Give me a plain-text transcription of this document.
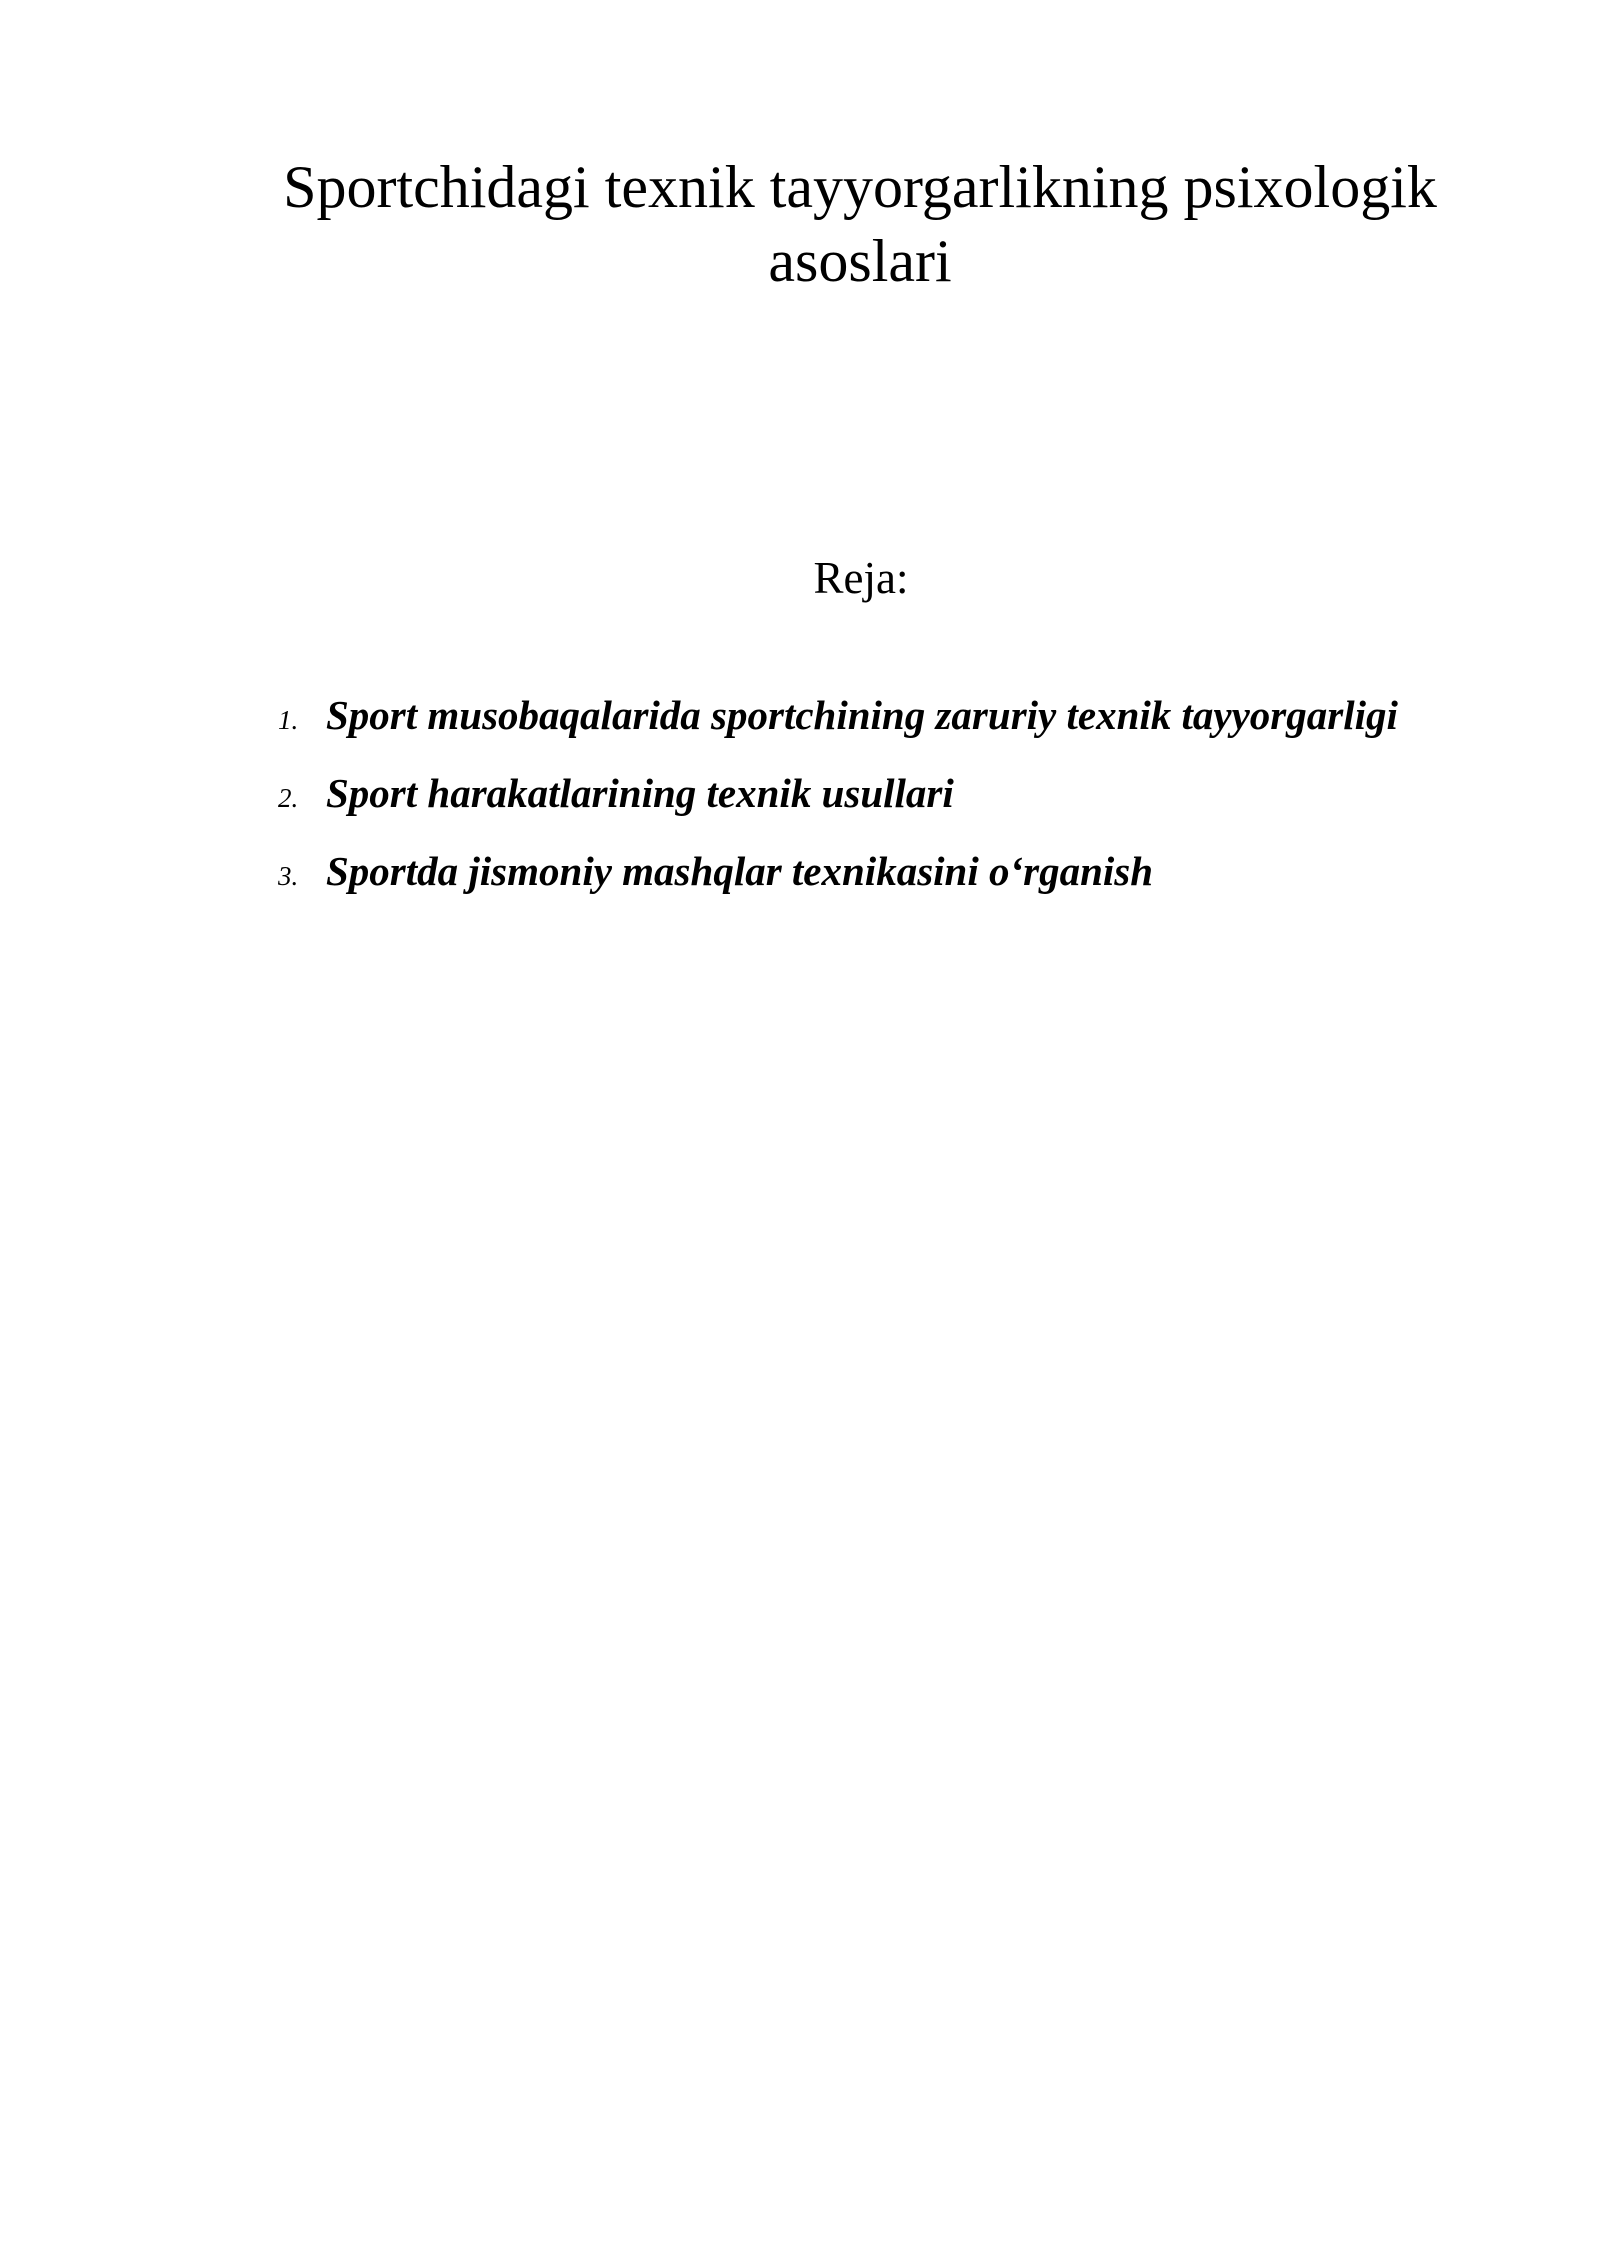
Sportchidagi texnik tayyorgarlikning psixologik asoslari
Reja:
1. Sport musobaqalarida sportchining zaruriy texnik tayyorgarligi
2. Sport harakatlarining texnik usullari
3. Sportda jismoniy mashqlar texnikasini o‘rganish
